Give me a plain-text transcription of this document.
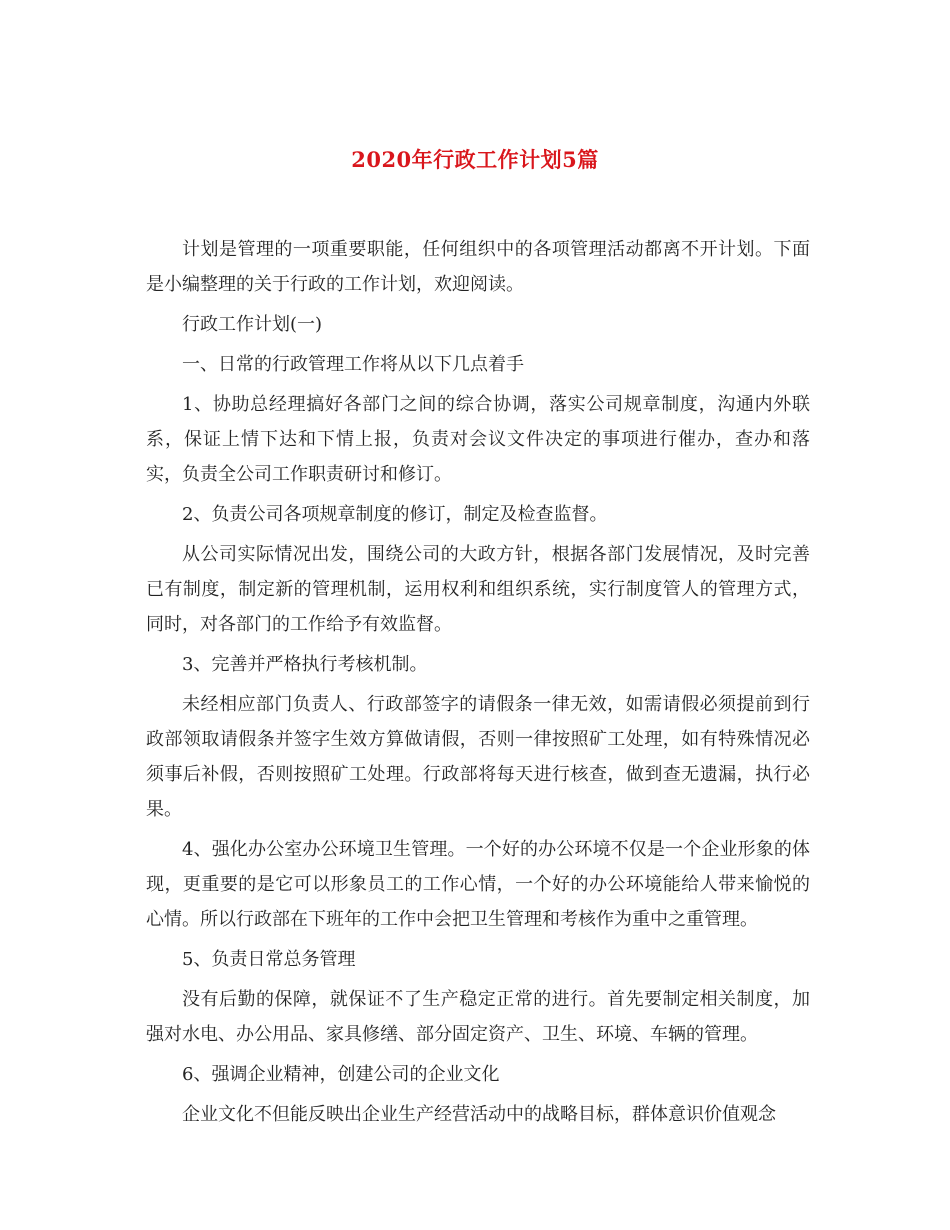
2020年行政工作计划5篇

计划是管理的一项重要职能，任何组织中的各项管理活动都离不开计划。下面是小编整理的关于行政的工作计划，欢迎阅读。

行政工作计划(一)

一、日常的行政管理工作将从以下几点着手

1、协助总经理搞好各部门之间的综合协调，落实公司规章制度，沟通内外联系，保证上情下达和下情上报，负责对会议文件决定的事项进行催办，查办和落实，负责全公司工作职责研讨和修订。

2、负责公司各项规章制度的修订，制定及检查监督。

从公司实际情况出发，围绕公司的大政方针，根据各部门发展情况，及时完善已有制度，制定新的管理机制，运用权利和组织系统，实行制度管人的管理方式，同时，对各部门的工作给予有效监督。

3、完善并严格执行考核机制。

未经相应部门负责人、行政部签字的请假条一律无效，如需请假必须提前到行政部领取请假条并签字生效方算做请假，否则一律按照矿工处理，如有特殊情况必须事后补假，否则按照矿工处理。行政部将每天进行核查，做到查无遗漏，执行必果。

4、强化办公室办公环境卫生管理。一个好的办公环境不仅是一个企业形象的体现，更重要的是它可以形象员工的工作心情，一个好的办公环境能给人带来愉悦的心情。所以行政部在下班年的工作中会把卫生管理和考核作为重中之重管理。

5、负责日常总务管理

没有后勤的保障，就保证不了生产稳定正常的进行。首先要制定相关制度，加强对水电、办公用品、家具修缮、部分固定资产、卫生、环境、车辆的管理。

6、强调企业精神，创建公司的企业文化

企业文化不但能反映出企业生产经营活动中的战略目标，群体意识价值观念
